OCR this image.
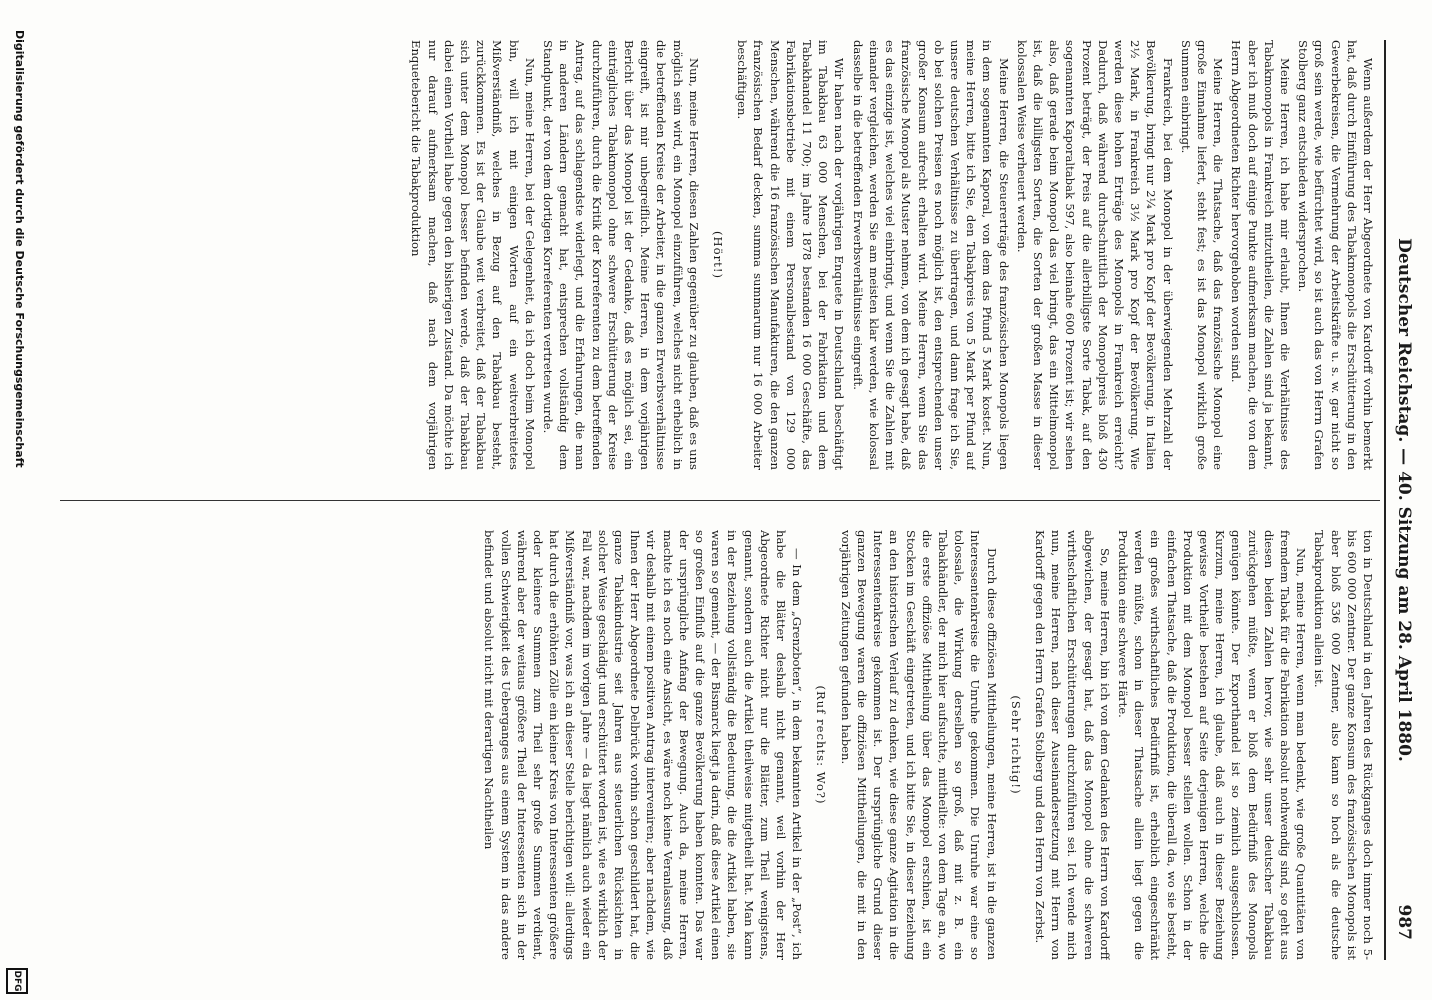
Deutscher Reichstag. — 40. Sitzung am 28. April 1880.
987

Wenn außerdem der Herr Abgeordnete von Kardorff vorhin bemerkt hat, daß durch Einführung des Tabakmonopols die Erschütterung in den Gewerbekreisen, die Vermehrung der Arbeitskräfte u. s. w. gar nicht so groß sein werde, wie befürchtet wird, so ist auch das von Herrn Grafen Stolberg ganz entschieden widersprochen.

Meine Herren, ich habe mir erlaubt, Ihnen die Verhältnisse des Tabakmonopols in Frankreich mitzutheilen, die Zahlen sind ja bekannt, aber ich muß doch auf einige Punkte aufmerksam machen, die von dem Herrn Abgeordneten Richter hervorgehoben worden sind.

Meine Herren, die Thatsache, daß das französische Monopol eine große Einnahme liefert, steht fest; es ist das Monopol wirklich große Summen einbringt.

Frankreich, bei dem Monopol in der überwiegenden Mehrzahl der Bevölkerung, bringt nur 2¼ Mark pro Kopf der Bevölkerung, in Italien 2½ Mark, in Frankreich 3½ Mark pro Kopf der Bevölkerung. Wie werden diese hohen Erträge des Monopols in Frankreich erreicht? Dadurch, daß während durchschnittlich der Monopolpreis bloß 430 Prozent beträgt, der Preis auf die allerbilligste Sorte Tabak, auf den sogenannten Kaporaltabak 597, also beinahe 600 Prozent ist; wir sehen also, daß gerade beim Monopol das viel bringt, das ein Mittelmonopol ist, daß die billigsten Sorten, die Sorten der großen Masse in dieser kolossalen Weise verheuert werden.

Meine Herren, die Steuererträge des französischen Monopols liegen in dem sogenannten Kaporal, von dem das Pfund 5 Mark kostet. Nun, meine Herren, bitte ich Sie, den Tabakpreis von 5 Mark per Pfund auf unsere deutschen Verhältnisse zu übertragen, und dann frage ich Sie, ob bei solchen Preisen es noch möglich ist, den entsprechenden unser großer Konsum aufrecht erhalten wird. Meine Herren, wenn Sie das französische Monopol als Muster nehmen, von dem ich gesagt habe, daß es das einzige ist, welches viel einbringt, und wenn Sie die Zahlen mit einander vergleichen, werden Sie am meisten klar werden, wie kolossal dasselbe in die betreffenden Erwerbsverhältnisse eingreift.

Wir haben nach der vorjährigen Enquete in Deutschland beschäftigt im Tabakbau 63 000 Menschen, bei der Fabrikation und dem Tabakhandel 11 700; im Jahre 1878 bestanden 16 000 Geschäfte, das Fabrikationsbetriebe mit einem Personalbestand von 129 000 Menschen, während die 16 französischen Manufakturen, die den ganzen französischen Bedarf decken, summa summarum nur 16 000 Arbeiter beschäftigen.

(Hört!)

Nun, meine Herren, diesen Zahlen gegenüber zu glauben, daß es uns möglich sein wird, ein Monopol einzuführen, welches nicht erheblich in die betreffenden Kreise der Arbeiter, in die ganzen Erwerbsverhältnisse eingreift, ist mir unbegreiflich. Meine Herren, in dem vorjährigen Bericht über das Monopol ist der Gedanke, daß es möglich sei, ein einträgliches Tabakmonopol ohne schwere Erschütterung der Kreise durchzuführen, durch die Kritik der Korreferenten zu dem betreffenden Antrag, auf das schlagendste widerlegt, und die Erfahrungen, die man in anderen Ländern gemacht hat, entsprechen vollständig dem Standpunkt, der von dem dortigen Korreferenten vertreten wurde.

Nun, meine Herren, bei der Gelegenheit, da ich doch beim Monopol bin, will ich mit einigen Worten auf ein weitverbreitetes Mißverständniß, welches in Bezug auf den Tabakbau besteht, zurückkommen. Es ist der Glaube weit verbreitet, daß der Tabakbau sich unter dem Monopol besser befinden werde, daß der Tabakbau dabei einen Vortheil habe gegen den bisherigen Zustand. Da möchte ich nur darauf aufmerksam machen, daß nach dem vorjährigen Enquetebericht die Tabakproduktion

tion in Deutschland in den Jahren des Rückganges doch immer noch 5- bis 600 000 Zentner. Der ganze Konsum des französischen Monopols ist aber bloß 536 000 Zentner, also kann so hoch als die deutsche Tabakproduktion allein ist.

Nun, meine Herren, wenn man bedenkt, wie große Quantitäten von fremdem Tabak für die Fabrikation absolut nothwendig sind, so geht aus diesen beiden Zahlen hervor, wie sehr unser deutscher Tabakbau zurückgehen müßte, wenn er bloß dem Bedürfniß des Monopols genügen könnte. Der Exporthandel ist so ziemlich ausgeschlossen. Kurzum, meine Herren, ich glaube, daß auch in dieser Beziehung gewisse Vortheile bestehen auf Seite derjenigen Herren, welche die Produktion mit dem Monopol besser stellen wollen. Schon in der einfachen Thatsache, daß die Produktion, die überall da, wo sie besteht, ein großes wirthschaftliches Bedürfniß ist, erheblich eingeschränkt werden müßte, schon in dieser Thatsache allein liegt gegen die Produktion eine schwere Härte.

So, meine Herren, bin ich von dem Gedanken des Herrn von Kardorff abgewichen, der gesagt hat, daß das Monopol ohne die schweren wirthschaftlichen Erschütterungen durchzuführen sei. Ich wende mich nun, meine Herren, nach dieser Auseinandersetzung mit Herrn von Kardorff gegen den Herrn Grafen Stolberg und den Herrn von Zerbst.

(Sehr richtig!)

Durch diese offiziösen Mittheilungen, meine Herren, ist in die ganzen Interessentenkreise die Unruhe gekommen. Die Unruhe war eine so tolossale, die Wirkung derselben so groß, daß mit z. B. ein Tabakhändler, der mich hier aufsuchte, mittheilte: von dem Tage an, wo die erste offiziöse Mittheilung über das Monopol erschien, ist ein Stocken im Geschäft eingetreten, und ich bitte Sie, in dieser Beziehung an den historischen Verlauf zu denken, wie diese ganze Agitation in die Interessentenkreise gekommen ist. Der ursprüngliche Grund dieser ganzen Bewegung waren die offiziösen Mittheilungen, die mit in den vorjährigen Zeitungen gefunden haben.

(Ruf rechts: Wo?)

— In dem „Grenzboten“, in dem bekannten Artikel in der „Post“, ich habe die Blätter deshalb nicht genannt, weil vorhin der Herr Abgeordnete Richter nicht nur die Blätter, zum Theil wenigstens, genannt, sondern auch die Artikel theilweise mitgetheilt hat. Man kann in der Beziehung vollständig die Bedeutung, die die Artikel haben, sie waren so gemeint, — der Bismarck liegt ja darin, daß diese Artikel einen so großen Einfluß auf die ganze Bevölkerung haben konnten. Das war der ursprüngliche Anfang der Bewegung. Auch da, meine Herren, machte ich es noch eine Ansicht, es wäre noch keine Veranlassung, daß wir deshalb mit einem positiven Antrag interveniren; aber nachdem, wie Ihnen der Herr Abgeordnete Delbrück vorhin schon geschildert hat, die ganze Tabakindustrie seit Jahren aus steuerlichen Rücksichten in solcher Weise geschädigt und erschüttert worden ist, wie es wirklich der Fall war, nachdem im vorigen Jahre — da liegt nämlich auch wieder ein Mißverständniß vor, was ich an dieser Stelle berichtigen will: allerdings hat durch die erhöhten Zölle ein kleiner Kreis von Interessenten größere oder kleinere Summen zum Theil sehr große Summen verdient, während aber der weitaus größere Theil der Interessenten sich in der vollen Schwierigkeit des Ueberganges aus einem System in das andere befindet und absolut nicht mit derartigen Nachtheilen

Digitalisierung gefördert durch die Deutsche Forschungsgemeinschaft
DFG
